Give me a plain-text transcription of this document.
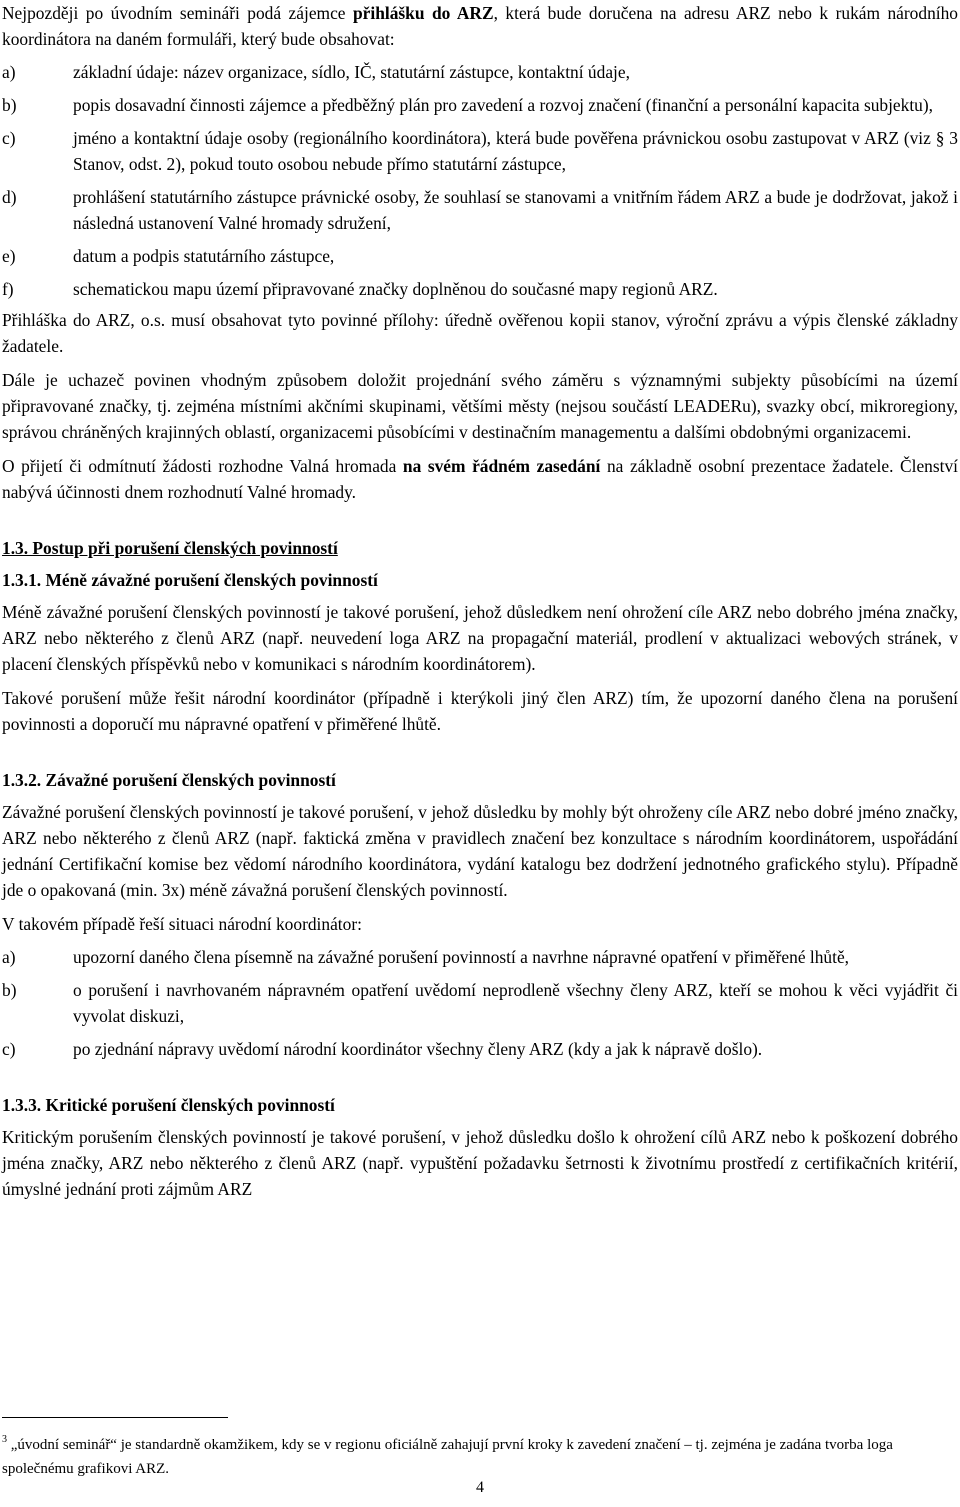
Nejpozději po úvodním semináři podá zájemce přihlášku do ARZ, která bude doručena na adresu ARZ nebo k rukám národního koordinátora na daném formuláři, který bude obsahovat:

a)	základní údaje: název organizace, sídlo, IČ, statutární zástupce, kontaktní údaje,
b)	popis dosavadní činnosti zájemce a předběžný plán pro zavedení a rozvoj značení (finanční a personální kapacita subjektu),
c)	jméno a kontaktní údaje osoby (regionálního koordinátora), která bude pověřena právnickou osobu zastupovat v ARZ (viz § 3 Stanov, odst. 2), pokud touto osobou nebude přímo statutární zástupce,
d)	prohlášení statutárního zástupce právnické osoby, že souhlasí se stanovami a vnitřním řádem ARZ a bude je dodržovat, jakož i následná ustanovení Valné hromady sdružení,
e)	datum a podpis statutárního zástupce,
f)	schematickou mapu území připravované značky doplněnou do současné mapy regionů ARZ.

Přihláška do ARZ, o.s. musí obsahovat tyto povinné přílohy: úředně ověřenou kopii stanov, výroční zprávu a výpis členské základny žadatele.

Dále je uchazeč povinen vhodným způsobem doložit projednání svého záměru s významnými subjekty působícími na území připravované značky, tj. zejména místními akčními skupinami, většími městy (nejsou součástí LEADERu), svazky obcí, mikroregiony, správou chráněných krajinných oblastí, organizacemi působícími v destinačním managementu a dalšími obdobnými organizacemi.

O přijetí či odmítnutí žádosti rozhodne Valná hromada na svém řádném zasedání na základně osobní prezentace žadatele. Členství nabývá účinnosti dnem rozhodnutí Valné hromady.

1.3. Postup při porušení členských povinností

1.3.1. Méně závažné porušení členských povinností

Méně závažné porušení členských povinností je takové porušení, jehož důsledkem není ohrožení cíle ARZ nebo dobrého jména značky, ARZ nebo některého z členů ARZ (např. neuvedení loga ARZ na propagační materiál, prodlení v aktualizaci webových stránek, v placení členských příspěvků nebo v komunikaci s národním koordinátorem).

Takové porušení může řešit národní koordinátor (případně i kterýkoli jiný člen ARZ) tím, že upozorní daného člena na porušení povinnosti a doporučí mu nápravné opatření v přiměřené lhůtě.

1.3.2. Závažné porušení členských povinností

Závažné porušení členských povinností je takové porušení, v jehož důsledku by mohly být ohroženy cíle ARZ nebo dobré jméno značky, ARZ nebo některého z členů ARZ (např. faktická změna v pravidlech značení bez konzultace s národním koordinátorem, uspořádání jednání Certifikační komise bez vědomí národního koordinátora, vydání katalogu bez dodržení jednotného grafického stylu). Případně jde o opakovaná (min. 3x) méně závažná porušení členských povinností.

V takovém případě řeší situaci národní koordinátor:

a)	upozorní daného člena písemně na závažné porušení povinností a navrhne nápravné opatření v přiměřené lhůtě,
b)	o porušení i navrhovaném nápravném opatření uvědomí neprodleně všechny členy ARZ, kteří se mohou k věci vyjádřit či vyvolat diskuzi,
c)	po zjednání nápravy uvědomí národní koordinátor všechny členy ARZ (kdy a jak k nápravě došlo).

1.3.3. Kritické porušení členských povinností

Kritickým porušením členských povinností je takové porušení, v jehož důsledku došlo k ohrožení cílů ARZ nebo k poškození dobrého jména značky, ARZ nebo některého z členů ARZ (např. vypuštění požadavku šetrnosti k životnímu prostředí z certifikačních kritérií, úmyslné jednání proti zájmům ARZ

$^3$ „úvodní seminář“ je standardně okamžikem, kdy se v regionu oficiálně zahajují první kroky k zavedení značení – tj. zejména je zadána tvorba loga společnému grafikovi ARZ.
4
